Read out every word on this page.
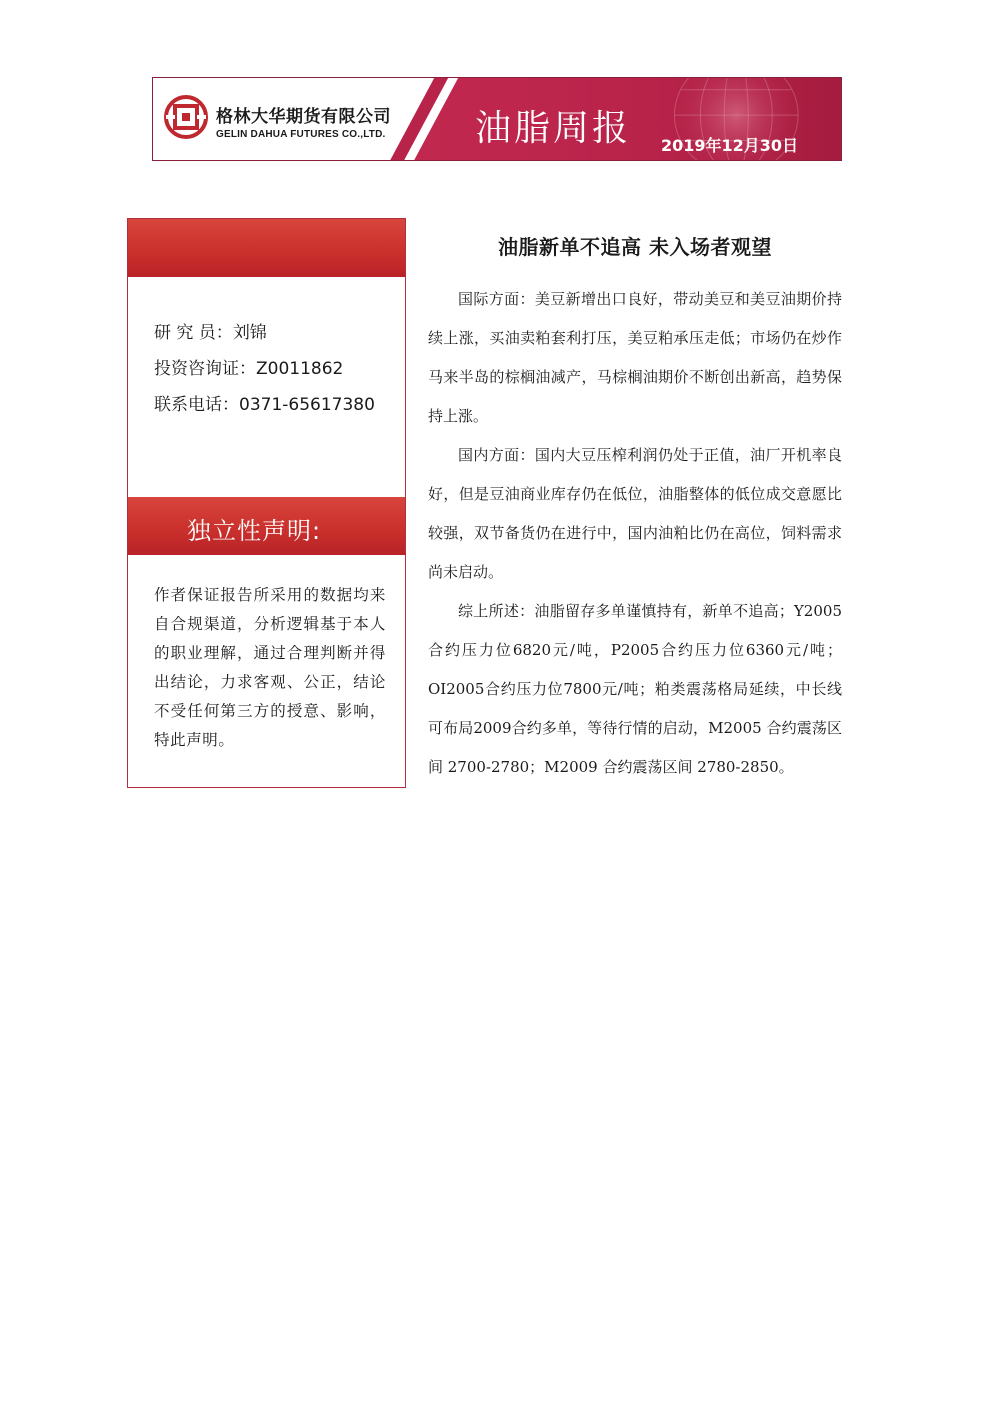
格林大华期货有限公司
GELIN DAHUA FUTURES CO.,LTD. 油脂周报 2019年12月30日
研 究 员：刘锦
投资咨询证：Z0011862
联系电话：0371-65617380
独立性声明:
作者保证报告所采用的数据均来自合规渠道，分析逻辑基于本人的职业理解，通过合理判断并得出结论，力求客观、公正，结论不受任何第三方的授意、影响，特此声明。
油脂新单不追高 未入场者观望

国际方面：美豆新增出口良好，带动美豆和美豆油期价持续上涨，买油卖粕套利打压，美豆粕承压走低；市场仍在炒作马来半岛的棕榈油减产，马棕榈油期价不断创出新高，趋势保持上涨。

国内方面：国内大豆压榨利润仍处于正值，油厂开机率良好，但是豆油商业库存仍在低位，油脂整体的低位成交意愿比较强，双节备货仍在进行中，国内油粕比仍在高位，饲料需求尚未启动。

综上所述：油脂留存多单谨慎持有，新单不追高；Y2005合约压力位6820元/吨，P2005合约压力位6360元/吨；OI2005合约压力位7800元/吨；粕类震荡格局延续，中长线可布局2009合约多单，等待行情的启动，M2005 合约震荡区间 2700-2780；M2009 合约震荡区间 2780-2850。
